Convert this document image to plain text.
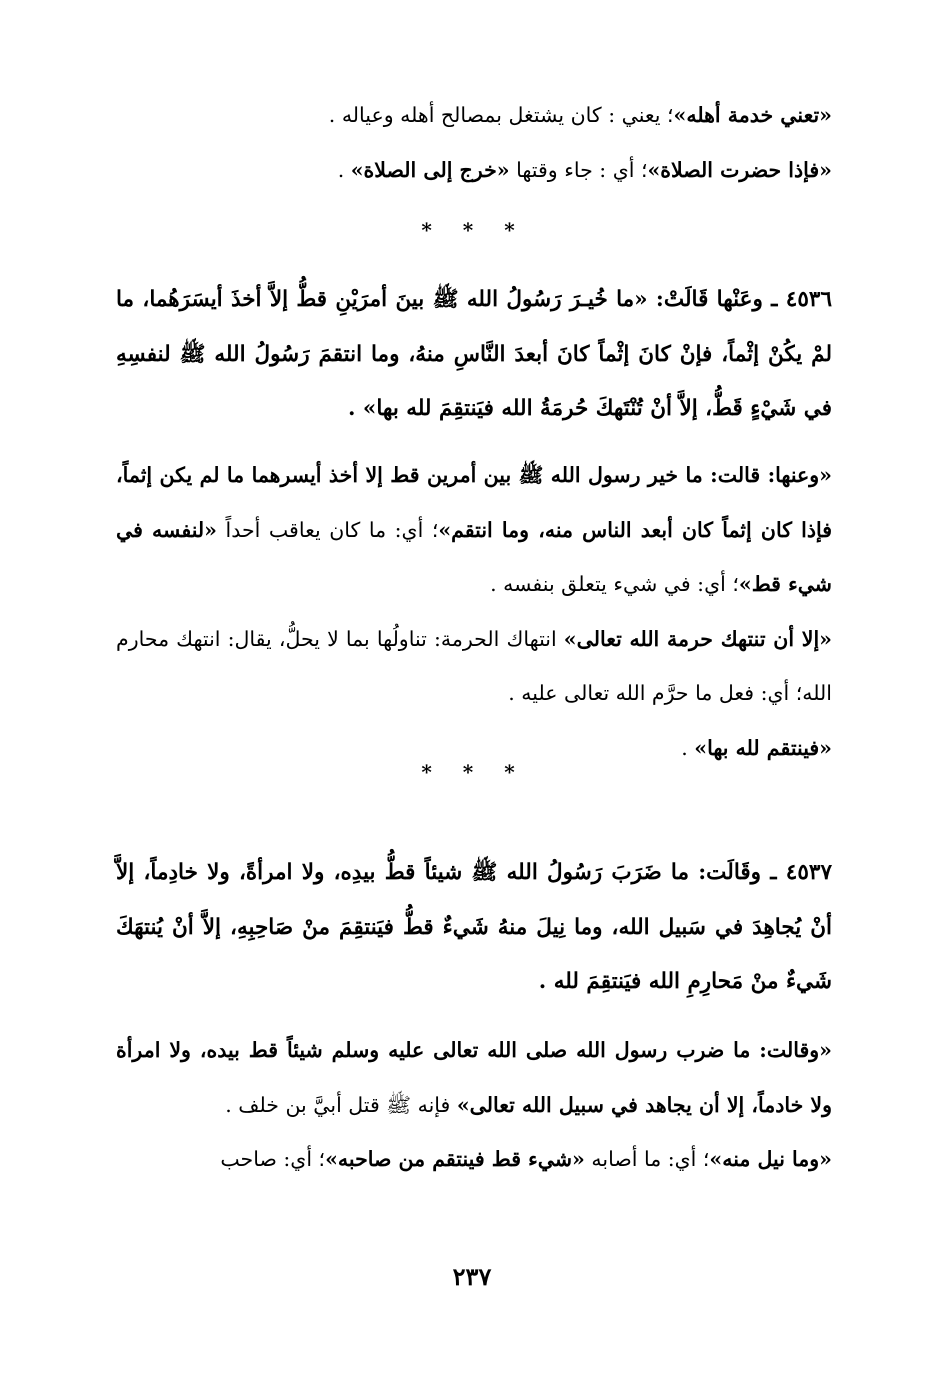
«تعني خدمة أهله»؛ يعني : كان يشتغل بمصالح أهله وعياله .

«فإذا حضرت الصلاة»؛ أي : جاء وقتها «خرج إلى الصلاة» .

* * *

٤٥٣٦ ـ وعَنْها قَالَتْ: «ما خُيـرَ رَسُولُ الله ﷺ بينَ أمرَيْنِ قطُّ إلاَّ أخذَ أيسَرَهُما، ما لمْ يكُنْ إثْماً، فإنْ كانَ إثْماً كانَ أبعدَ النَّاسِ منهُ، وما انتقمَ رَسُولُ الله ﷺ لنفسِهِ في شَيْءٍ قَطُّ، إلاَّ أنْ تُنْتَهكَ حُرمَةُ الله فيَنتقِمَ لله بها» .

«وعنها: قالت: ما خير رسول الله ﷺ بين أمرين قط إلا أخذ أيسرهما ما لم يكن إثماً، فإذا كان إثماً كان أبعد الناس منه، وما انتقم»؛ أي: ما كان يعاقب أحداً «لنفسه في شيء قط»؛ أي: في شيء يتعلق بنفسه .

«إلا أن تنتهك حرمة الله تعالى» انتهاك الحرمة: تناولُها بما لا يحلُّ، يقال: انتهك محارم الله؛ أي: فعل ما حرَّم الله تعالى عليه .

«فينتقم لله بها» .

* * *

٤٥٣٧ ـ وقَالَت: ما ضَرَبَ رَسُولُ الله ﷺ شيئاً قطُّ بيدِه، ولا امرأةً، ولا خادِماً، إلاَّ أنْ يُجاهِدَ في سَبيل الله، وما نِيلَ منهُ شَيءٌ قطُّ فيَنتقِمَ منْ صَاحِبِهِ، إلاَّ أنْ يُنتهَكَ شَيءٌ منْ مَحارِمِ الله فيَنتقِمَ لله .

«وقالت: ما ضرب رسول الله صلى الله تعالى عليه وسلم شيئاً قط بيده، ولا امرأة ولا خادماً، إلا أن يجاهد في سبيل الله تعالى» فإنه ﷺ قتل أبيَّ بن خلف .

«وما نيل منه»؛ أي: ما أصابه «شيء قط فينتقم من صاحبه»؛ أي: صاحب

٢٣٧
